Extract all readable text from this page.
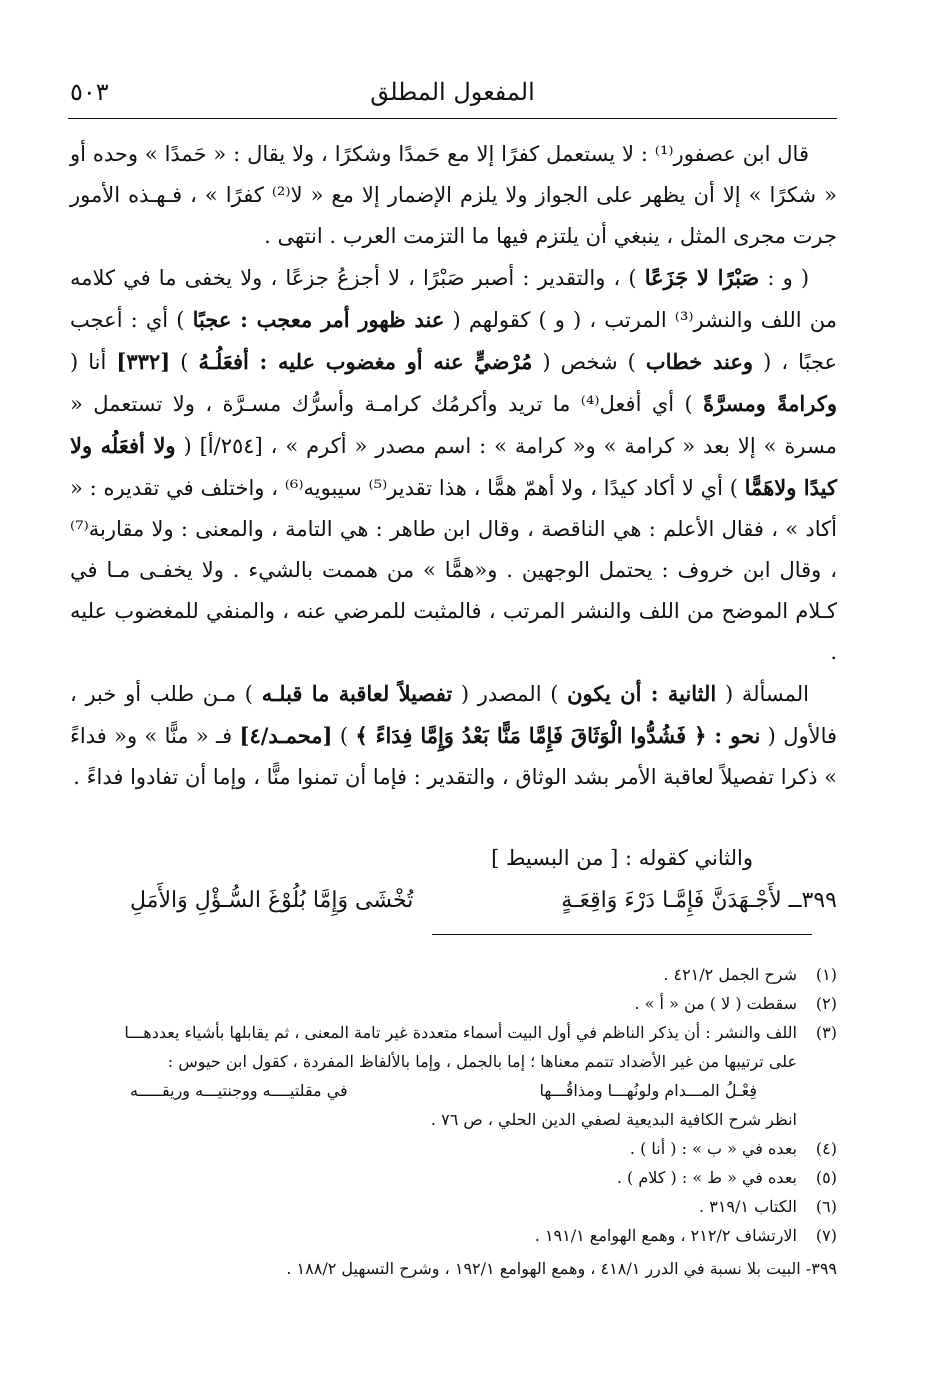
المفعول المطلق
٥٠٣

قال ابن عصفور⁽¹⁾ : لا يستعمل كفرًا إلا مع حَمدًا وشكرًا ، ولا يقال : « حَمدًا » وحده أو « شكرًا » إلا أن يظهر على الجواز ولا يلزم الإضمار إلا مع « لا⁽²⁾ كفرًا » ، فـهـذه الأمور جرت مجرى المثل ، ينبغي أن يلتزم فيها ما التزمت العرب . انتهى .

( و : صَبْرًا لا جَزَعًا ) ، والتقدير : أصبر صَبْرًا ، لا أجزعُ جزعًا ، ولا يخفى ما في كلامه من اللف والنشر⁽³⁾ المرتب ، ( و ) كقولهم ( عند ظهور أمر معجب : عجبًا ) أي : أعجب عجبًا ، ( وعند خطاب ) شخص ( مُرْضيٍّ عنه أو مغضوب عليه : أفعَلُـهُ ) [٣٣٢] أنا ( وكرامةً ومسرَّةً ) أي أفعل⁽⁴⁾ ما تريد وأكرمُك كرامـة وأسرُّك مسـرَّة ، ولا تستعمل « مسرة » إلا بعد « كرامة » و« كرامة » : اسم مصدر « أكرم » ، [٢٥٤/أ] ( ولا أفعَلُه ولا كيدًا ولاهَمًّا ) أي لا أكاد كيدًا ، ولا أهمّ همًّا ، هذا تقدير⁽⁵⁾ سيبويه⁽⁶⁾ ، واختلف في تقديره : « أكاد » ، فقال الأعلم : هي الناقصة ، وقال ابن طاهر : هي التامة ، والمعنى : ولا مقاربة⁽⁷⁾ ، وقال ابن خروف : يحتمل الوجهين . و«همًّا » من هممت بالشيء . ولا يخفـى مـا في كـلام الموضح من اللف والنشر المرتب ، فالمثبت للمرضي عنه ، والمنفي للمغضوب عليه .

المسألة ( الثانية : أن يكون ) المصدر ( تفصيلاً لعاقبة ما قبلـه ) مـن طلب أو خبر ، فالأول ( نحو : ﴿ فَشُدُّوا الْوَثَاقَ فَإِمَّا مَنًّا بَعْدُ وَإِمَّا فِدَاءً ﴾ ) [محمـد/٤] فـ « منًّا » و« فداءً » ذكرا تفصيلاً لعاقبة الأمر بشد الوثاق ، والتقدير : فإما أن تمنوا منًّا ، وإما أن تفادوا فداءً .

والثاني كقوله : [ من البسيط ]
٣٩٩ــ لأَجْـهَدَنَّ فَإِمَّـا دَرْءَ وَاقِعَـةٍ
تُخْشَى وَإِمَّا بُلُوْغَ السُّـؤْلِ وَالأَمَلِ
(١)
شرح الجمل ٤٢١/٢ .
(٢)
سقطت ( لا ) من « أ » .
(٣)
اللف والنشر : أن يذكر الناظم في أول البيت أسماء متعددة غير تامة المعنى ، ثم يقابلها بأشياء يعددهـــا
على ترتيبها من غير الأضداد تتمم معناها ؛ إما بالجمل ، وإما بالألفاظ المفردة ، كقول ابن حيوس :
فِعْـلُ المـــدام ولونُهـــا ومذاقُـــها
في مقلتيــــه ووجنتيـــه وريقـــــه
انظر شرح الكافية البديعية لصفي الدين الحلي ، ص ٧٦ .
(٤)
بعده في « ب » : ( أنا ) .
(٥)
بعده في « ط » : ( كلام ) .
(٦)
الكتاب ٣١٩/١ .
(٧)
الارتشاف ٢١٢/٢ ، وهمع الهوامع ١٩١/١ .
٣٩٩- البيت بلا نسبة في الدرر ٤١٨/١ ، وهمع الهوامع ١٩٢/١ ، وشرح التسهيل ١٨٨/٢ .
